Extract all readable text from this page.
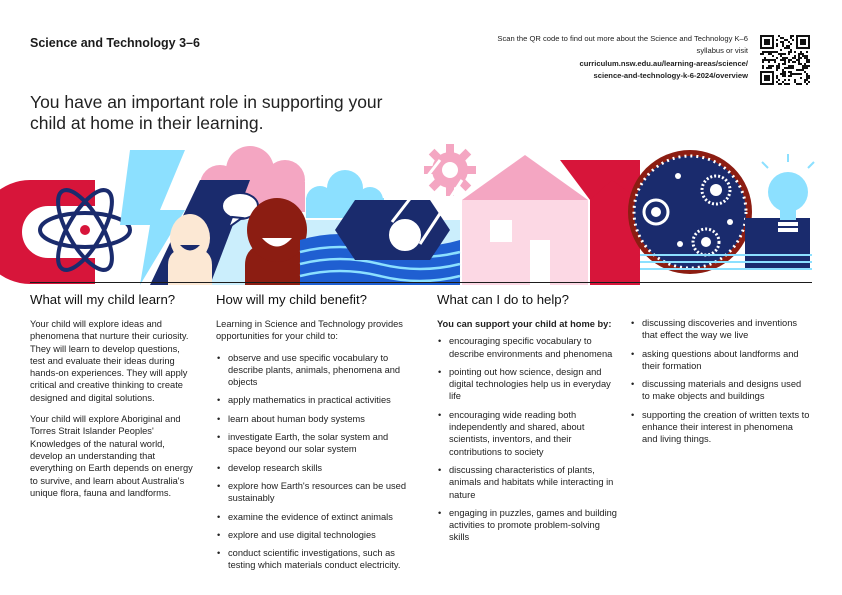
Science and Technology 3–6	Scan the QR code to find out more about the Science and Technology K–6 syllabus or visit
curriculum.nsw.edu.au/learning-areas/science/
science-and-technology-k-6-2024/overview
You have an important role in supporting your child at home in their learning.
What will my child learn?

Your child will explore ideas and phenomena that nurture their curiosity. They will learn to develop questions, test and evaluate their ideas during hands-on experiences. They will apply critical and creative thinking to create designed and digital solutions.

Your child will explore Aboriginal and Torres Strait Islander Peoples' Knowledges of the natural world, develop an understanding that everything on Earth depends on energy to survive, and learn about Australia's unique flora, fauna and landforms.

How will my child benefit?

Learning in Science and Technology provides opportunities for your child to:

• observe and use specific vocabulary to describe plants, animals, phenomena and objects
• apply mathematics in practical activities
• learn about human body systems
• investigate Earth, the solar system and space beyond our solar system
• develop research skills
• explore how Earth's resources can be used sustainably
• examine the evidence of extinct animals
• explore and use digital technologies
• conduct scientific investigations, such as testing which materials conduct electricity.
What can I do to help?

You can support your child at home by:

• encouraging specific vocabulary to describe environments and phenomena
• pointing out how science, design and digital technologies help us in everyday life
• encouraging wide reading both independently and shared, about scientists, inventors, and their contributions to society
• discussing characteristics of plants, animals and habitats while interacting in nature
• engaging in puzzles, games and building activities to promote problem-solving skills
• discussing discoveries and inventions that effect the way we live
• asking questions about landforms and their formation
• discussing materials and designs used to make objects and buildings
• supporting the creation of written texts to enhance their interest in phenomena and living things.
